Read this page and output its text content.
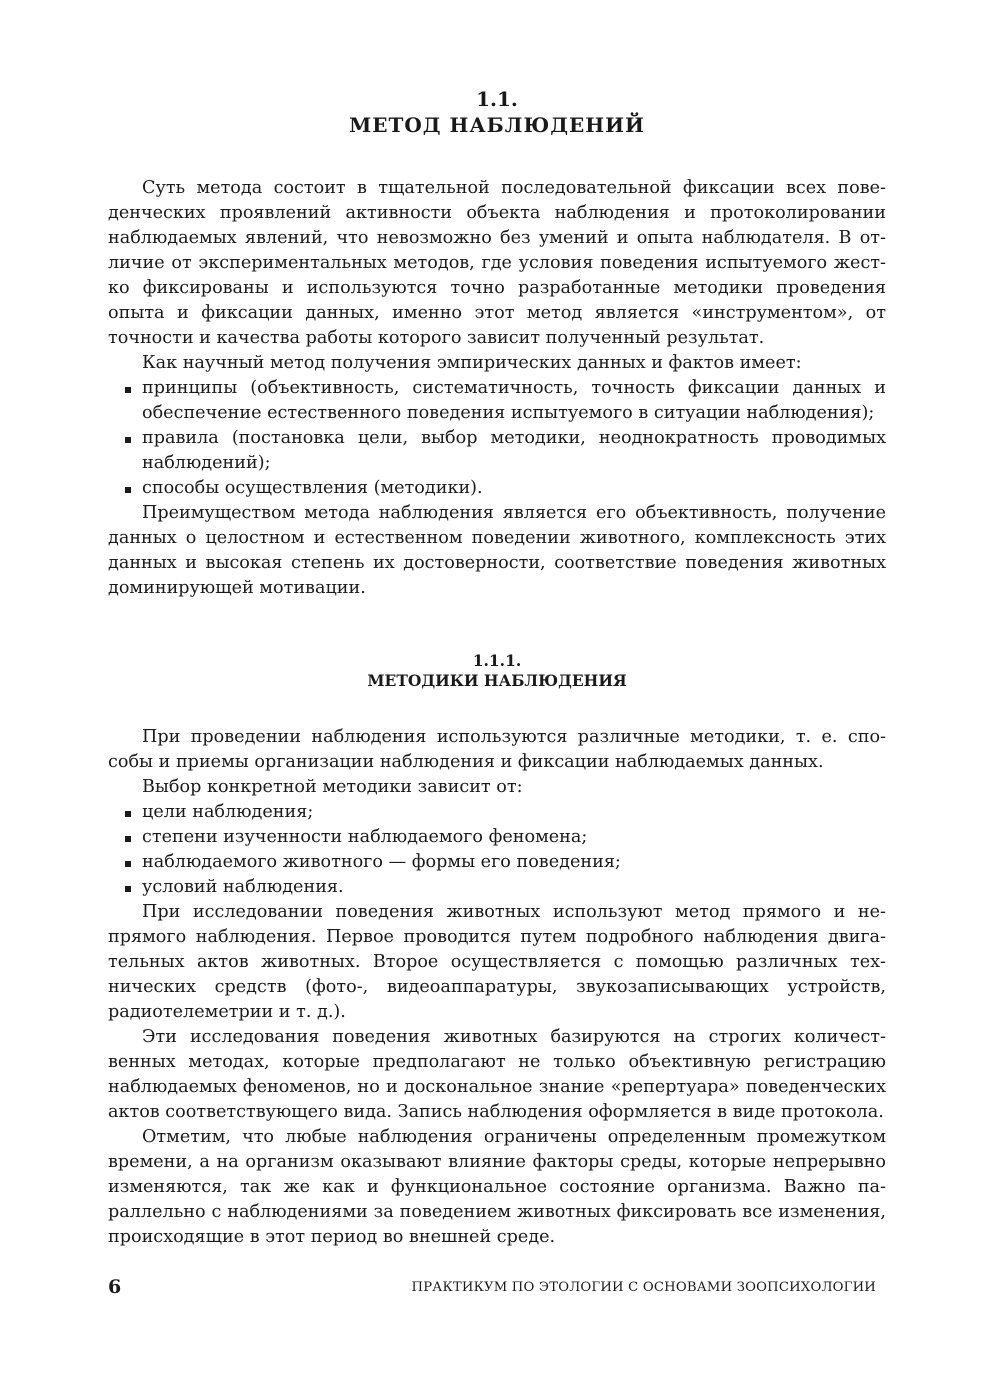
1.1.
МЕТОД НАБЛЮДЕНИЙ

Суть метода состоит в тщательной последовательной фиксации всех поведенческих проявлений активности объекта наблюдения и протоколировании наблюдаемых явлений, что невозможно без умений и опыта наблюдателя. В отличие от экспериментальных методов, где условия поведения испытуемого жестко фиксированы и используются точно разработанные методики проведения опыта и фиксации данных, именно этот метод является «инструментом», от точности и качества работы которого зависит полученный результат.

Как научный метод получения эмпирических данных и фактов имеет:

принципы (объективность, систематичность, точность фиксации данных и обеспечение естественного поведения испытуемого в ситуации наблюдения);
правила (постановка цели, выбор методики, неоднократность проводимых наблюдений);
способы осуществления (методики).

Преимуществом метода наблюдения является его объективность, получение данных о целостном и естественном поведении животного, комплексность этих данных и высокая степень их достоверности, соответствие поведения животных доминирующей мотивации.

1.1.1.
МЕТОДИКИ НАБЛЮДЕНИЯ

При проведении наблюдения используются различные методики, т. е. способы и приемы организации наблюдения и фиксации наблюдаемых данных.

Выбор конкретной методики зависит от:

цели наблюдения;
степени изученности наблюдаемого феномена;
наблюдаемого животного — формы его поведения;
условий наблюдения.

При исследовании поведения животных используют метод прямого и непрямого наблюдения. Первое проводится путем подробного наблюдения двигательных актов животных. Второе осуществляется с помощью различных технических средств (фото-, видеоаппаратуры, звукозаписывающих устройств, радиотелеметрии и т. д.).

Эти исследования поведения животных базируются на строгих количественных методах, которые предполагают не только объективную регистрацию наблюдаемых феноменов, но и доскональное знание «репертуара» поведенческих актов соответствующего вида. Запись наблюдения оформляется в виде протокола.

Отметим, что любые наблюдения ограничены определенным промежутком времени, а на организм оказывают влияние факторы среды, которые непрерывно изменяются, так же как и функциональное состояние организма. Важно параллельно с наблюдениями за поведением животных фиксировать все изменения, происходящие в этот период во внешней среде.

6	ПРАКТИКУМ ПО ЭТОЛОГИИ С ОСНОВАМИ ЗООПСИХОЛОГИИ
